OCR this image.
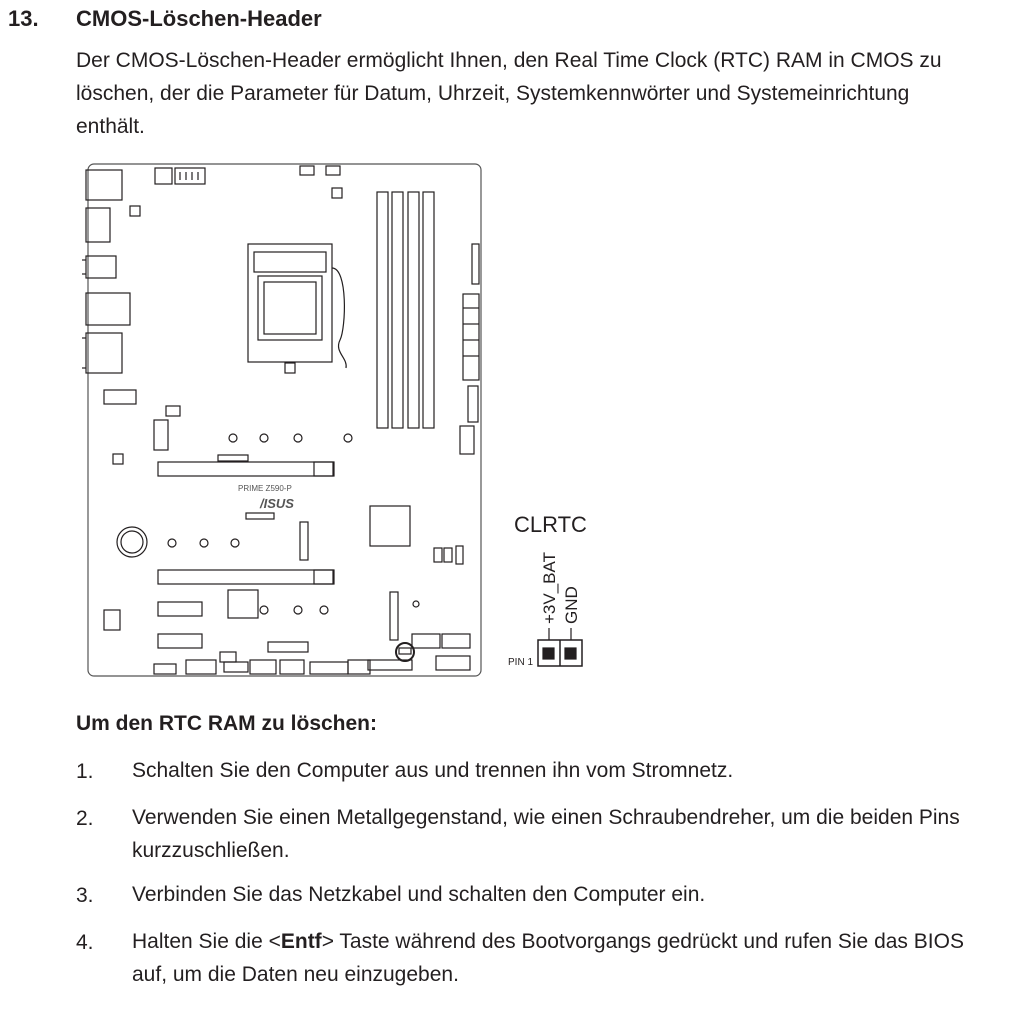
13. CMOS-Löschen-Header
Der CMOS-Löschen-Header ermöglicht Ihnen, den Real Time Clock (RTC) RAM in CMOS zu löschen, der die Parameter für Datum, Uhrzeit, Systemkennwörter und Systemeinrichtung enthält.
PRIME Z590-P
/ISUS
CLRTC
+3V_BAT GND
PIN 1
Um den RTC RAM zu löschen:
1. Schalten Sie den Computer aus und trennen ihn vom Stromnetz.
2. Verwenden Sie einen Metallgegenstand, wie einen Schraubendreher, um die beiden Pins kurzzuschließen.
3. Verbinden Sie das Netzkabel und schalten den Computer ein.
4. Halten Sie die <Entf> Taste während des Bootvorgangs gedrückt und rufen Sie das BIOS auf, um die Daten neu einzugeben.
